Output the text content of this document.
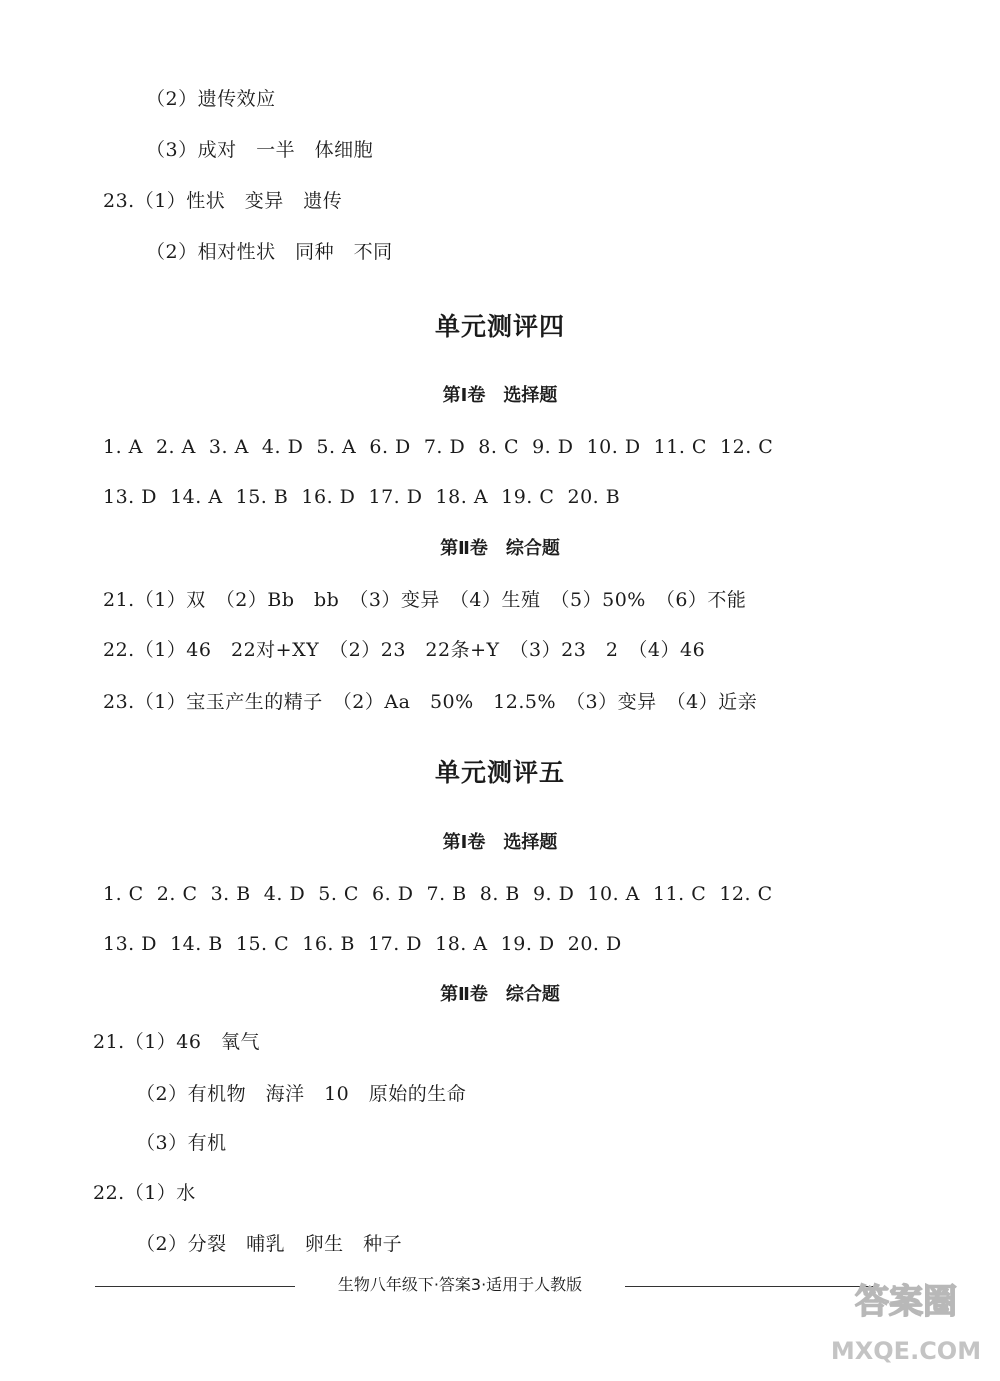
（2）遗传效应
（3）成对　一半　体细胞
23.（1）性状　变异　遗传
（2）相对性状　同种　不同
单元测评四
第Ⅰ卷　选择题
1. A  2. A  3. A  4. D  5. A  6. D  7. D  8. C  9. D  10. D  11. C  12. C
13. D  14. A  15. B  16. D  17. D  18. A  19. C  20. B
第Ⅱ卷　综合题
21.（1）双　（2）Bb　bb　（3）变异　（4）生殖　（5）50%　（6）不能
22.（1）46　22对+XY　（2）23　22条+Y　（3）23　2　（4）46
23.（1）宝玉产生的精子　（2）Aa　50%　12.5%　（3）变异　（4）近亲
单元测评五
第Ⅰ卷　选择题
1. C  2. C  3. B  4. D  5. C  6. D  7. B  8. B  9. D  10. A  11. C  12. C
13. D  14. B  15. C  16. B  17. D  18. A  19. D  20. D
第Ⅱ卷　综合题
21.（1）46　氧气
（2）有机物　海洋　10　原始的生命
（3）有机
22.（1）水
（2）分裂　哺乳　卵生　种子
生物八年级下·答案3·适用于人教版	答案圈
MXQE.COM
